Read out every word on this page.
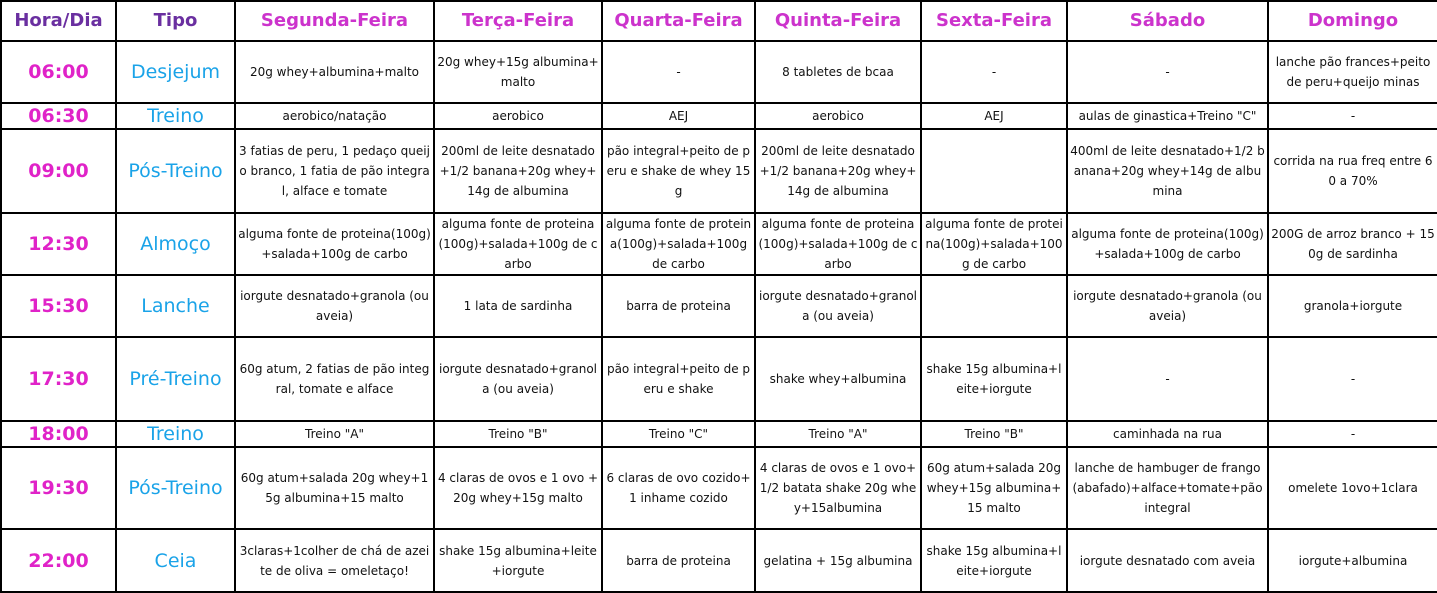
Hora/Dia	Tipo	Segunda-Feira	Terça-Feira	Quarta-Feira	Quinta-Feira	Sexta-Feira	Sábado	Domingo
06:00	Desjejum	20g whey+albumina+malto	20g whey+15g albumina+malto	-	8 tabletes de bcaa	-	-	lanche pão frances+peito de peru+queijo minas
06:30	Treino	aerobico/natação	aerobico	AEJ	aerobico	AEJ	aulas de ginastica+Treino "C"	-
09:00	Pós-Treino	3 fatias de peru, 1 pedaço queijo branco, 1 fatia de pão integral, alface e tomate	200ml de leite desnatado+1/2 banana+20g whey+14g de albumina	pão integral+peito de peru e shake de whey 15g	200ml de leite desnatado+1/2 banana+20g whey+14g de albumina		400ml de leite desnatado+1/2 banana+20g whey+14g de albumina	corrida na rua freq entre 60 a 70%
12:30	Almoço	alguma fonte de proteina(100g)+salada+100g de carbo	alguma fonte de proteina(100g)+salada+100g de carbo	alguma fonte de proteina(100g)+salada+100g de carbo	alguma fonte de proteina(100g)+salada+100g de carbo	alguma fonte de proteina(100g)+salada+100g de carbo	alguma fonte de proteina(100g)+salada+100g de carbo	200G de arroz branco + 150g de sardinha
15:30	Lanche	iorgute desnatado+granola (ou aveia)	1 lata de sardinha	barra de proteina	iorgute desnatado+granola (ou aveia)		iorgute desnatado+granola (ou aveia)	granola+iorgute
17:30	Pré-Treino	60g atum, 2 fatias de pão integral, tomate e alface	iorgute desnatado+granola (ou aveia)	pão integral+peito de peru e shake	shake whey+albumina	shake 15g albumina+leite+iorgute	-	-
18:00	Treino	Treino "A"	Treino "B"	Treino "C"	Treino "A"	Treino "B"	caminhada na rua	-
19:30	Pós-Treino	60g atum+salada 20g whey+15g albumina+15 malto	4 claras de ovos e 1 ovo + 20g whey+15g malto	6 claras de ovo cozido+1 inhame cozido	4 claras de ovos e 1 ovo+1/2 batata shake 20g whey+15albumina	60g atum+salada 20g whey+15g albumina+15 malto	lanche de hambuger de frango(abafado)+alface+tomate+pão integral	omelete 1ovo+1clara
22:00	Ceia	3claras+1colher de chá de azeite de oliva = omeletaço!	shake 15g albumina+leite+iorgute	barra de proteina	gelatina + 15g albumina	shake 15g albumina+leite+iorgute	iorgute desnatado com aveia	iorgute+albumina
